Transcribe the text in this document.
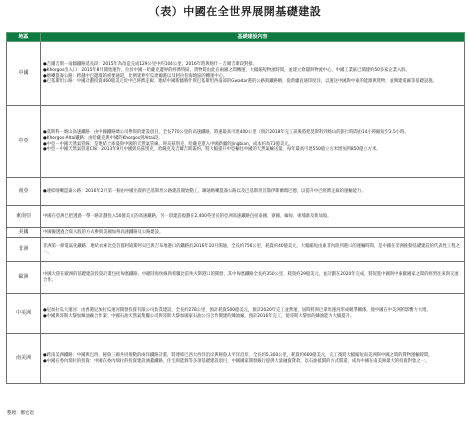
（表）中國在全世界展開基礎建設
地區	基礎建設內容
中國	●吉爾吉斯－南疆鐵路延長段：2015年為改造完成129公里中約104公里；2016年將與喀什－吉爾吉斯段對接。
●Khorgos出入口：2015年8月開始運作，位於中國－哈薩克邊界的經濟特區，貨物將由此在兩國之間轉運，大幅縮短物流時間，並建立倉儲與物流中心，中國工業區已開建約50多家企業入駐。
●喀喇崑崙公路：跨越中巴邊境的重要通道，比例延伸至瓜達爾港以及阿拉伯海地區的轉運中心。
●巴基斯坦公路：中國計劃投資460億美元於中巴經濟走廊，連結中國新疆喀什與巴基斯坦西南部的Gwadar港的公路與鐵路網，從新疆直通印度洋，以運送中國與中東的能源與貨物，並興建電廠等基礎設施。

中亞	●莫斯科－喀山高速鐵路：由中國鐵路總公司參與的建設項目，全長770公里的高速鐵路，時速最高可達400公里（預計2018年完工前後將把莫斯科到喀山的旅行時間由14小時縮短至3.5小時。
●Khorgos-Altai鐵路：由哈薩克與中國的Khorgos到Altai段。
●中亞－中國天然氣管線：是連結土庫曼與中國的天然氣管線，經烏茲別克、哈薩克進入中國新疆的Jingbian，成本約為73億美元。
●中亞－中國天然氣管道C線：2013年9月中國與烏茲別克、哈薩克及吉爾吉斯簽約，將大幅提升中亞輸往中國的天然氣輸送量，每年最高可達550億立方米增加到850億立方米。

南亞	●連結喀喇崑崙公路：2016年2月第一個由中國出資的巴基斯坦公路建設開始動工，聯通喀喇崑崙公路以及巴基斯坦首都伊斯蘭瑪巴德，以提升中巴經濟走廊的運輸能力。

東南亞	中國在亞洲已把透過一帶一路計劃投入50億美元的高速鐵路，另一項建設規劃在2,400英里長的亞洲高速鐵路包括泰國、寮國、緬甸、柬埔寨及新加坡。

美國	中國擬透過合資入股的方式參與美國加州高速鐵路及公路建設。

非洲	非洲第一條電氣化鐵路：連結衣索比亞首都阿迪斯阿貝巴與吉布地港口的鐵路於2016年10月開通，全長約756公里，耗資約40億美元，大幅縮短由東非內陸到港口的運輸時間，是中國在非洲推動基礎建設的代表性工程之一。

歐洲	中國大陸在歐洲的基礎建設投資計畫包括匈塞鐵路、中歐陸海快線與希臘比雷埃夫斯港口的開發，其中匈塞鐵路全長約350公里，耗資約29億美元，並計劃在2020年完成，將促進中國與中東歐國家之間的經貿往來與交流合作。

中美洲	●尼加拉瓜大運河：由香港尼加拉瓜運河開發投資有限公司負責建設，全長約278公里，預計耗資500億美元，預計2020年完工並營運，屆時將與巴拿馬運河形成競爭關係，使中國在中美洲的影響力大增。
●中國與哥斯大黎加煉油廠合作案：中國石油天然氣集團公司與哥斯大黎加國家石油公司合作興建的煉油廠，預計2016年完工，使哥斯大黎加的煉油能力大幅提升。

南美洲	●跨南美洲鐵路：中國與巴西、秘魯三國共同推動的兩洋鐵路計畫，將連結巴西大西洋沿岸與秘魯太平洋沿岸，全長約5,300公里，耗資約600億美元，完工後將大幅縮短南美洲與中國之間的貨物運輸時間。
●中國在委內瑞拉的投資：中國在委內瑞拉的投資建設涵蓋鐵路、住宅與能源等多項基礎建設項目，中國國家開發銀行提供大量融資貸款，以石油抵償的方式償還，成為中國在南美洲最大的投資對象之一。
整理：鄭宏恩
